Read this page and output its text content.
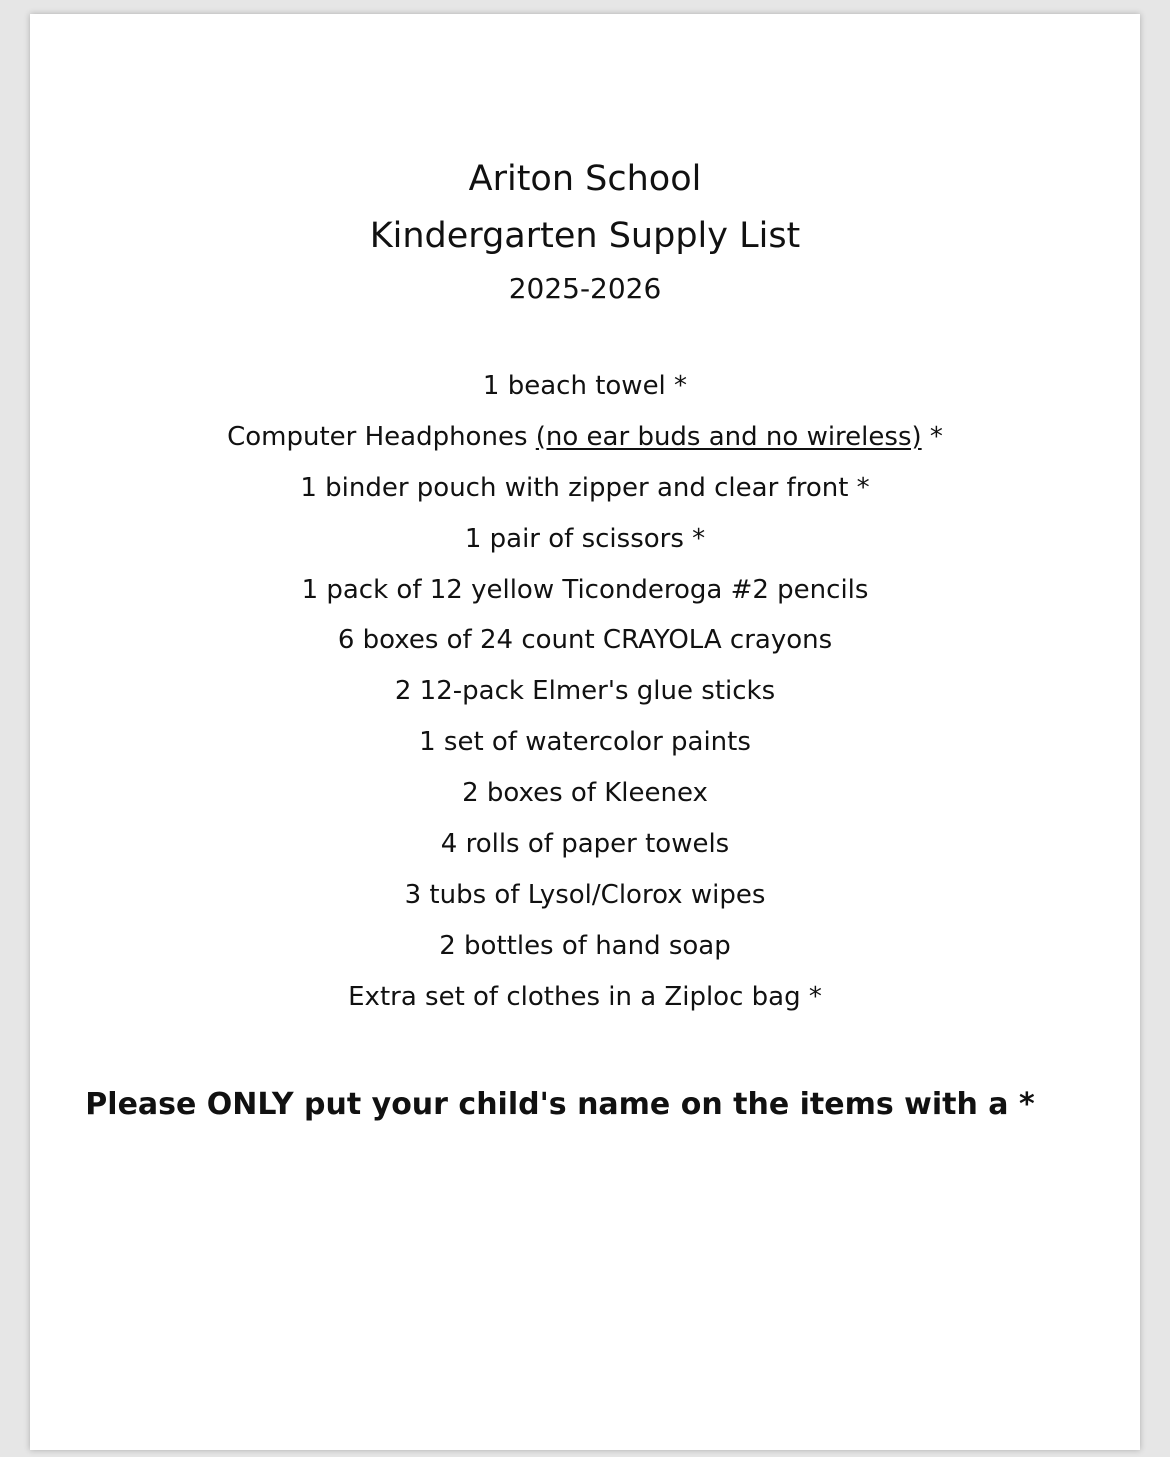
Ariton School
Kindergarten Supply List
2025-2026
1 beach towel *
Computer Headphones (no ear buds and no wireless) *
1 binder pouch with zipper and clear front *
1 pair of scissors *
1 pack of 12 yellow Ticonderoga #2 pencils
6 boxes of 24 count CRAYOLA crayons
2 12-pack Elmer's glue sticks
1 set of watercolor paints
2 boxes of Kleenex
4 rolls of paper towels
3 tubs of Lysol/Clorox wipes
2 bottles of hand soap
Extra set of clothes in a Ziploc bag *
Please ONLY put your child's name on the items with a *
